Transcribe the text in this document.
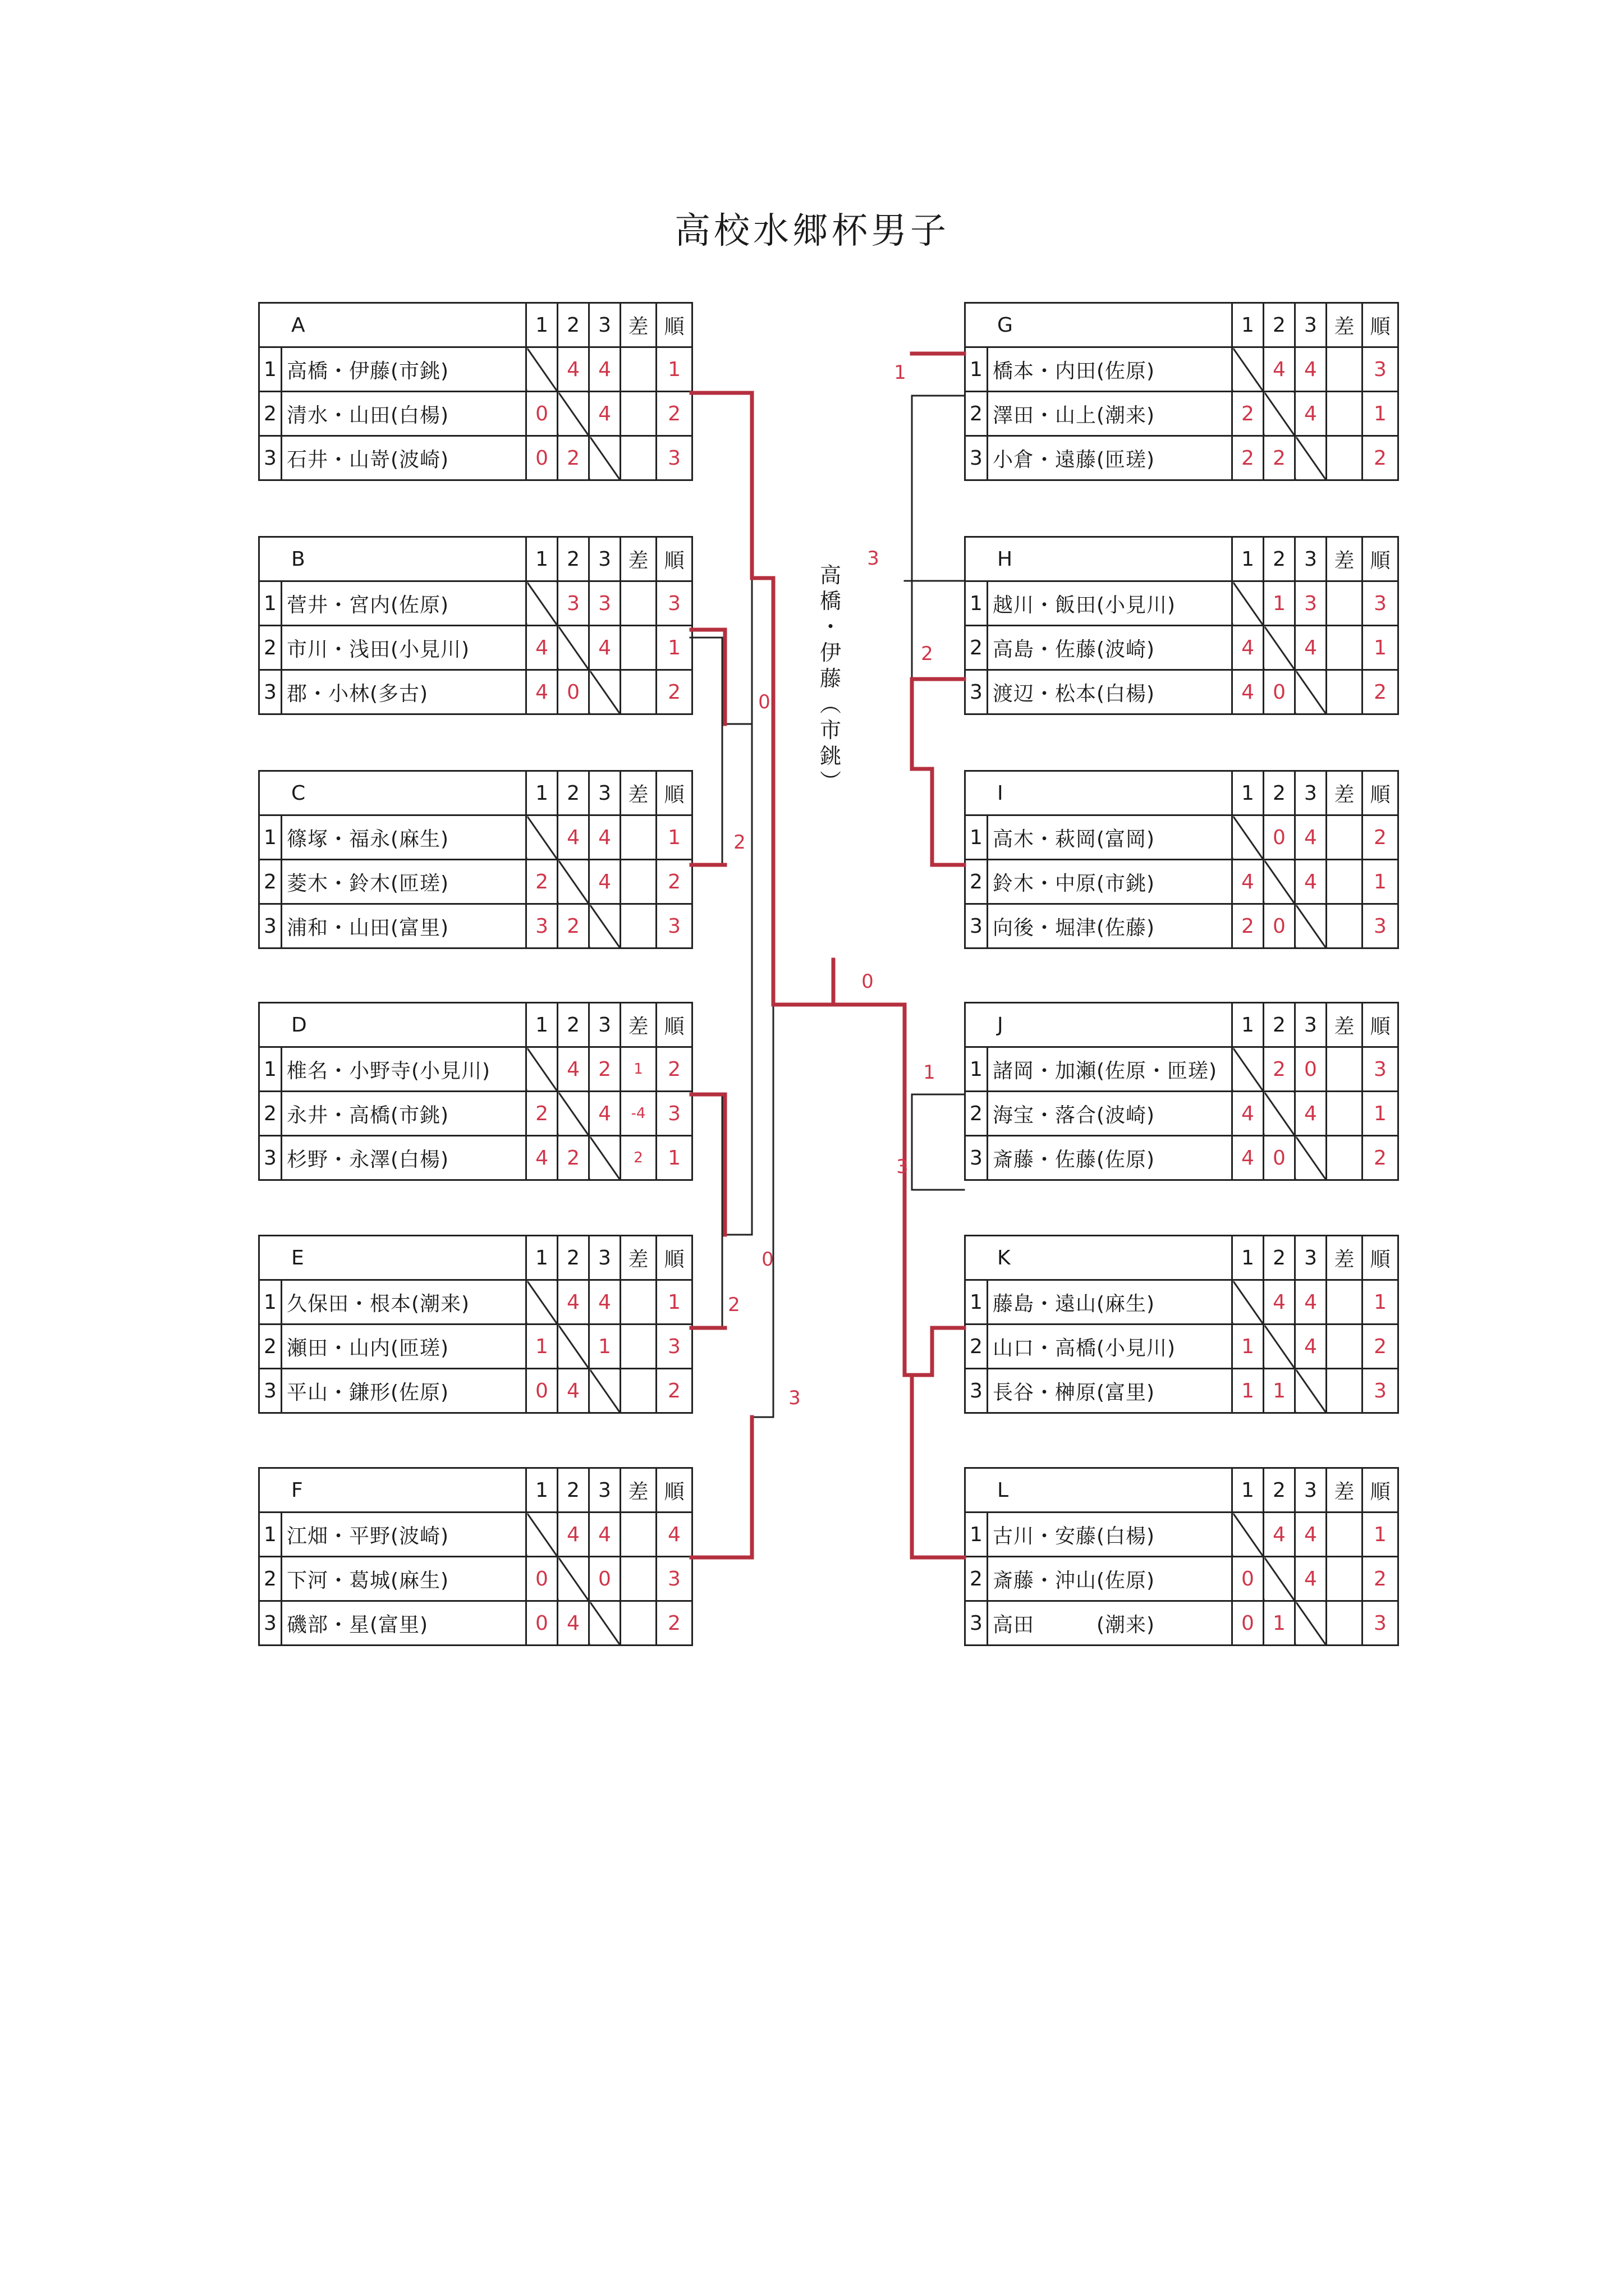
高校水郷杯男子
A		1	2	3	差	順
1	高橋・伊藤(市銚)		4	4		1
2	清水・山田(白楊)	0		4		2
3	石井・山嵜(波崎)	0	2			3
B		1	2	3	差	順
1	菅井・宮内(佐原)		3	3		3
2	市川・浅田(小見川)	4		4		1
3	郡・小林(多古)	4	0			2
C		1	2	3	差	順
1	篠塚・福永(麻生)		4	4		1
2	菱木・鈴木(匝瑳)	2		4		2
3	浦和・山田(富里)	3	2			3
D		1	2	3	差	順
1	椎名・小野寺(小見川)		4	2	1	2
2	永井・高橋(市銚)	2		4	-4	3
3	杉野・永澤(白楊)	4	2		2	1
E		1	2	3	差	順
1	久保田・根本(潮来)		4	4		1
2	瀬田・山内(匝瑳)	1		1		3
3	平山・鎌形(佐原)	0	4			2
F		1	2	3	差	順
1	江畑・平野(波崎)		4	4		4
2	下河・葛城(麻生)	0		0		3
3	磯部・星(富里)	0	4			2
G		1	2	3	差	順
1	橋本・内田(佐原)		4	4		3
2	澤田・山上(潮来)	2		4		1
3	小倉・遠藤(匝瑳)	2	2			2
H		1	2	3	差	順
1	越川・飯田(小見川)		1	3		3
2	高島・佐藤(波崎)	4		4		1
3	渡辺・松本(白楊)	4	0			2
I		1	2	3	差	順
1	高木・萩岡(富岡)		0	4		2
2	鈴木・中原(市銚)	4		4		1
3	向後・堀津(佐藤)	2	0			3
J		1	2	3	差	順
1	諸岡・加瀬(佐原・匝瑳)		2	0		3
2	海宝・落合(波崎)	4		4		1
3	斎藤・佐藤(佐原)	4	0			2
K		1	2	3	差	順
1	藤島・遠山(麻生)		4	4		1
2	山口・高橋(小見川)	1		4		2
3	長谷・榊原(富里)	1	1			3
L		1	2	3	差	順
1	古川・安藤(白楊)		4	4		1
2	斎藤・沖山(佐原)	0		4		2
3	高田　　　(潮来)	0	1			3
0
2
0
2
3
1
3
2
0
1
3
高
橋
・
伊
藤
︵
市
銚
︶
